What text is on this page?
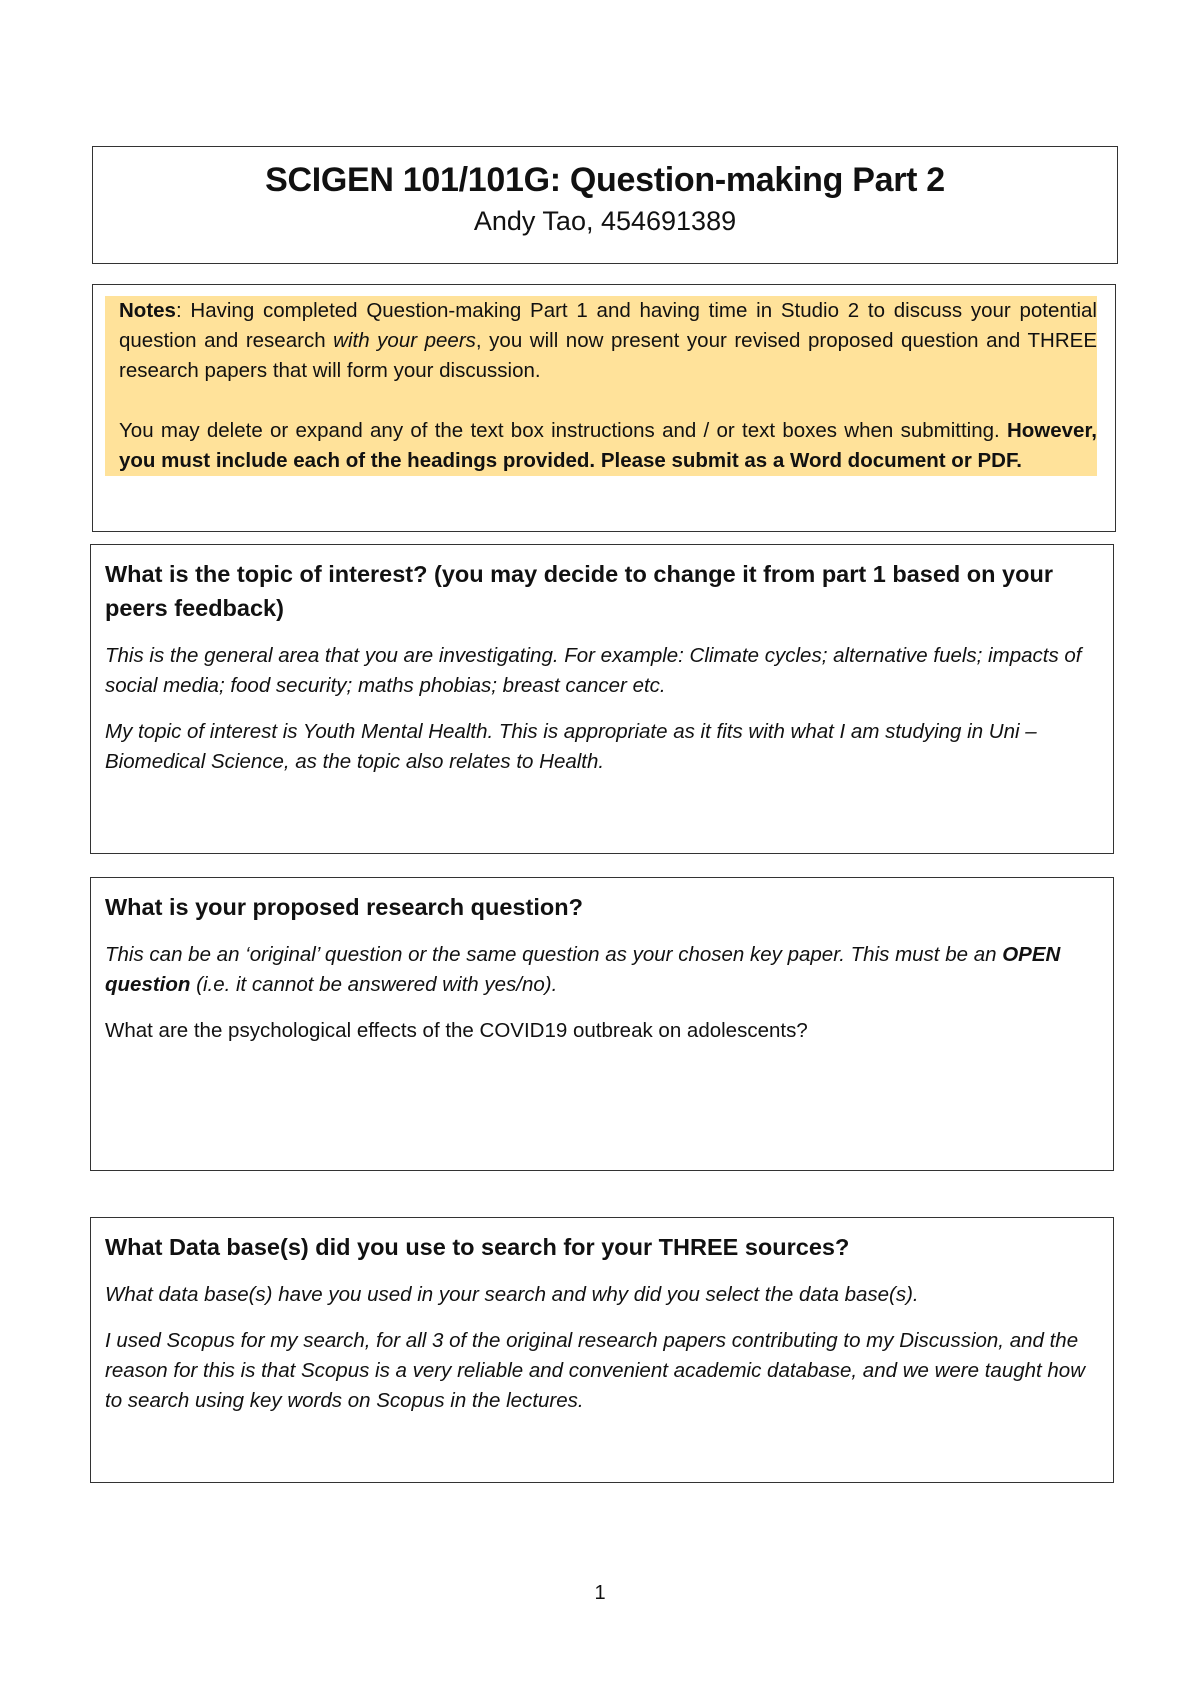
SCIGEN 101/101G: Question-making Part 2
Andy Tao, 454691389

Notes: Having completed Question-making Part 1 and having time in Studio 2 to discuss your potential question and research with your peers, you will now present your revised proposed question and THREE research papers that will form your discussion.

You may delete or expand any of the text box instructions and / or text boxes when submitting. However, you must include each of the headings provided. Please submit as a Word document or PDF.

What is the topic of interest? (you may decide to change it from part 1 based on your peers feedback)

This is the general area that you are investigating. For example: Climate cycles; alternative fuels; impacts of social media; food security; maths phobias; breast cancer etc.

My topic of interest is Youth Mental Health. This is appropriate as it fits with what I am studying in Uni – Biomedical Science, as the topic also relates to Health.

What is your proposed research question?

This can be an ‘original’ question or the same question as your chosen key paper. This must be an OPEN question (i.e. it cannot be answered with yes/no).

What are the psychological effects of the COVID19 outbreak on adolescents?

What Data base(s) did you use to search for your THREE sources?

What data base(s) have you used in your search and why did you select the data base(s).

I used Scopus for my search, for all 3 of the original research papers contributing to my Discussion, and the reason for this is that Scopus is a very reliable and convenient academic database, and we were taught how to search using key words on Scopus in the lectures.

1
